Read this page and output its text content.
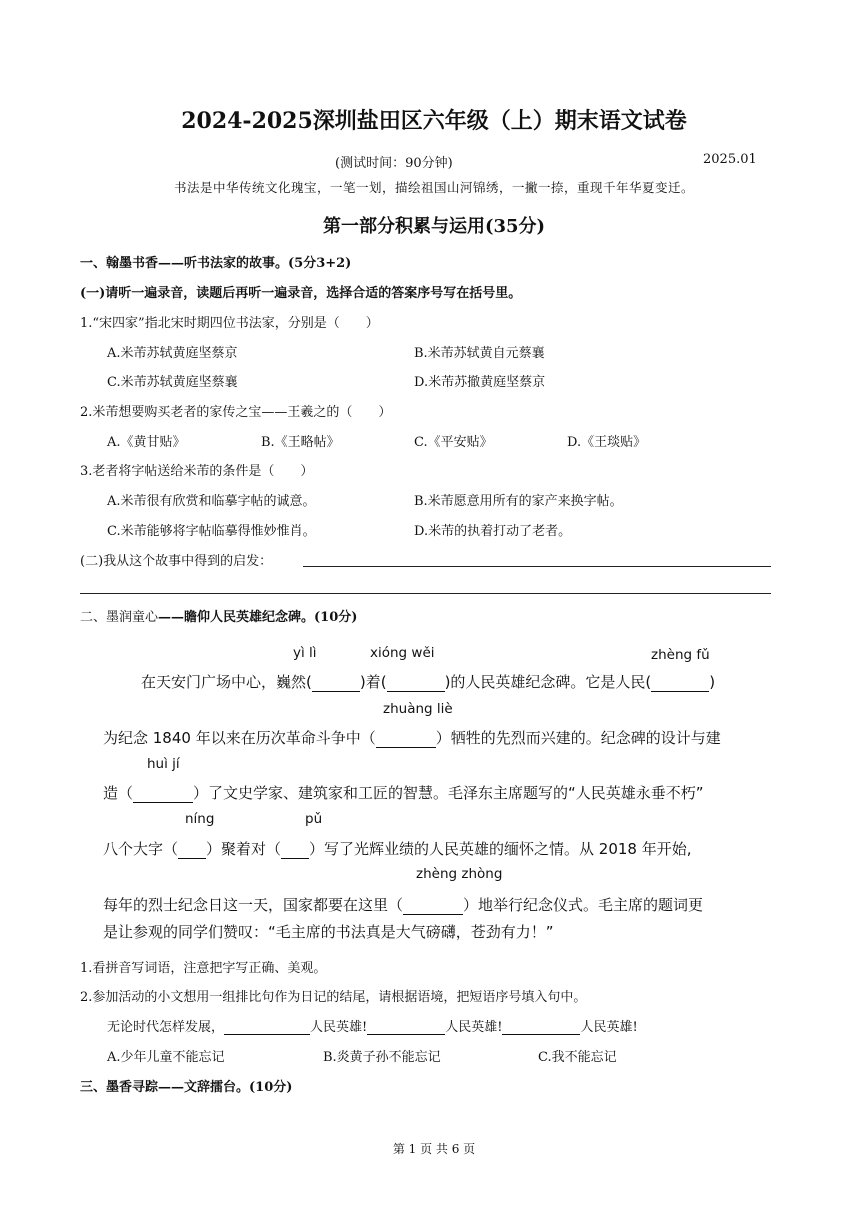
2024-2025深圳盐田区六年级（上）期末语文试卷
(测试时间：90分钟)	2025.01
书法是中华传统文化瑰宝，一笔一划，描绘祖国山河锦绣，一撇一捺，重现千年华夏变迁。
第一部分积累与运用(35分)
一、翰墨书香——听书法家的故事。(5分3+2)
(一)请听一遍录音，读题后再听一遍录音，选择合适的答案序号写在括号里。
1.“宋四家”指北宋时期四位书法家，分别是（　　）
A.米芾苏轼黄庭坚蔡京	B.米芾苏轼黄自元蔡襄
C.米芾苏轼黄庭坚蔡襄	D.米芾苏撤黄庭坚蔡京
2.米芾想要购买老者的家传之宝——王羲之的（　　）
A.《黄甘贴》	B.《王略帖》	C.《平安贴》	D.《王琰贴》
3.老者将字帖送给米芾的条件是（　　）
A.米芾很有欣赏和临摹字帖的诚意。	B.米芾愿意用所有的家产来换字帖。
C.米芾能够将字帖临摹得惟妙惟肖。	D.米芾的执着打动了老者。
(二)我从这个故事中得到的启发：
二、墨润童心——瞻仰人民英雄纪念碑。(10分)
yì lì	xióng wěi	zhèng fǔ
在天安门广场中心，巍然(	)着(	)的人民英雄纪念碑。它是人民(	)
zhuàng liè
为纪念 1840 年以来在历次革命斗争中（	）牺牲的先烈而兴建的。纪念碑的设计与建
huì jí
造（	）了文史学家、建筑家和工匠的智慧。毛泽东主席题写的“人民英雄永垂不朽”
níng	pǔ
八个大字（ ）聚着对（ ）写了光辉业绩的人民英雄的缅怀之情。从 2018 年开始,
zhèng zhòng
每年的烈士纪念日这一天，国家都要在这里（	）地举行纪念仪式。毛主席的题词更
是让参观的同学们赞叹：“毛主席的书法真是大气磅礴，苍劲有力！”
1.看拼音写词语，注意把字写正确、美观。
2.参加活动的小文想用一组排比句作为日记的结尾，请根据语境，把短语序号填入句中。
无论时代怎样发展，	人民英雄!	人民英雄!	人民英雄!
A.少年儿童不能忘记	B.炎黄子孙不能忘记	C.我不能忘记
三、墨香寻踪——文辞擂台。(10分)
第 1 页 共 6 页
